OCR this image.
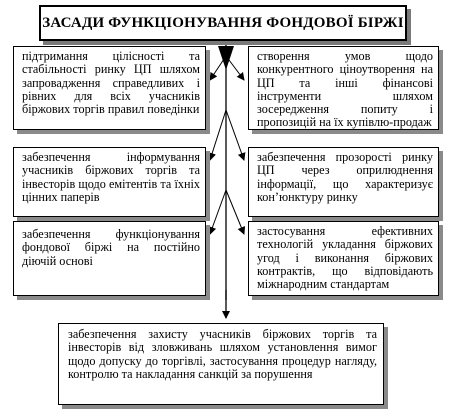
ЗАСАДИ ФУНКЦІОНУВАННЯ ФОНДОВОЇ БІРЖІ
підтримання цілісності та стабільності ринку ЦП шляхом запровадження справедливих і рівних для всіх учасників біржових торгів правил поведінки
забезпечення інформування учасників біржових торгів та інвесторів щодо емітентів та їхніх цінних паперів
забезпечення функціонування фондової біржі на постійно діючій основі
створення умов щодо конкурентного ціноутворення на ЦП та інші фінансові інструменти шляхом зосередження попиту і пропозицій на їх купівлю-продаж
забезпечення прозорості ринку ЦП через оприлюднення інформації, що характеризує кон’юнктуру ринку
застосування ефективних технологій укладання біржових угод і виконання біржових контрактів, що відповідають міжнародним стандартам
забезпечення захисту учасників біржових торгів та інвесторів від зловживань шляхом установлення вимог щодо допуску до торгівлі, застосування процедур нагляду, контролю та накладання санкцій за порушення
